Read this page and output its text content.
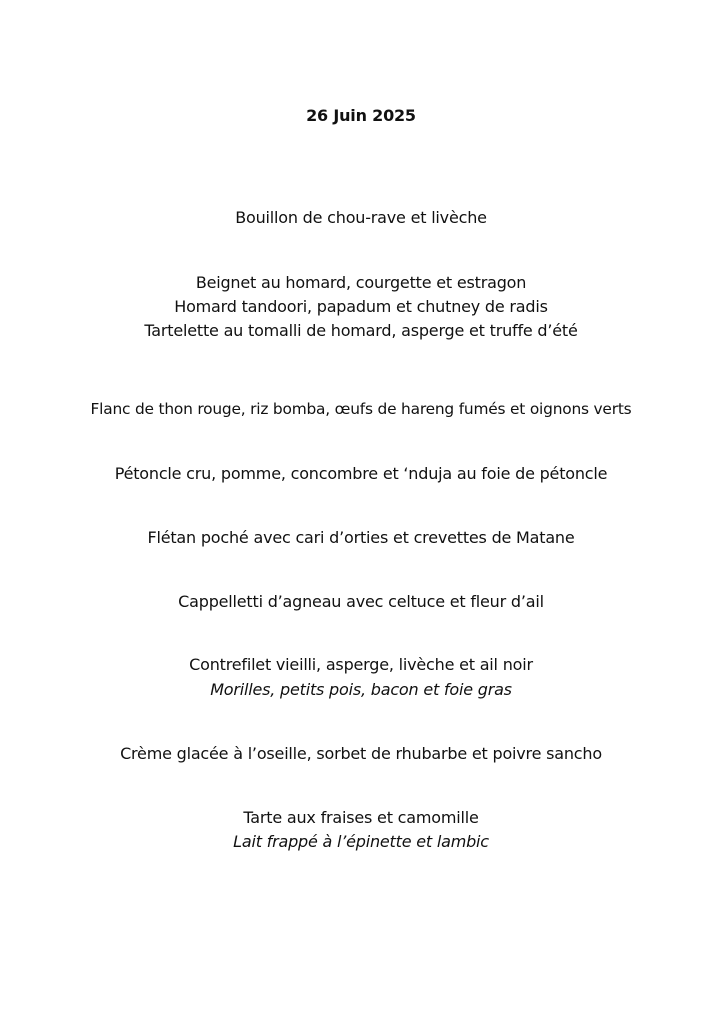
26 Juin 2025
Bouillon de chou-rave et livèche
Beignet au homard, courgette et estragon
Homard tandoori, papadum et chutney de radis
Tartelette au tomalli de homard, asperge et truffe d’été
Flanc de thon rouge, riz bomba, œufs de hareng fumés et oignons verts
Pétoncle cru, pomme, concombre et ‘nduja au foie de pétoncle
Flétan poché avec cari d’orties et crevettes de Matane
Cappelletti d’agneau avec celtuce et fleur d’ail
Contrefilet vieilli, asperge, livèche et ail noir
Morilles, petits pois, bacon et foie gras
Crème glacée à l’oseille, sorbet de rhubarbe et poivre sancho
Tarte aux fraises et camomille
Lait frappé à l’épinette et lambic
